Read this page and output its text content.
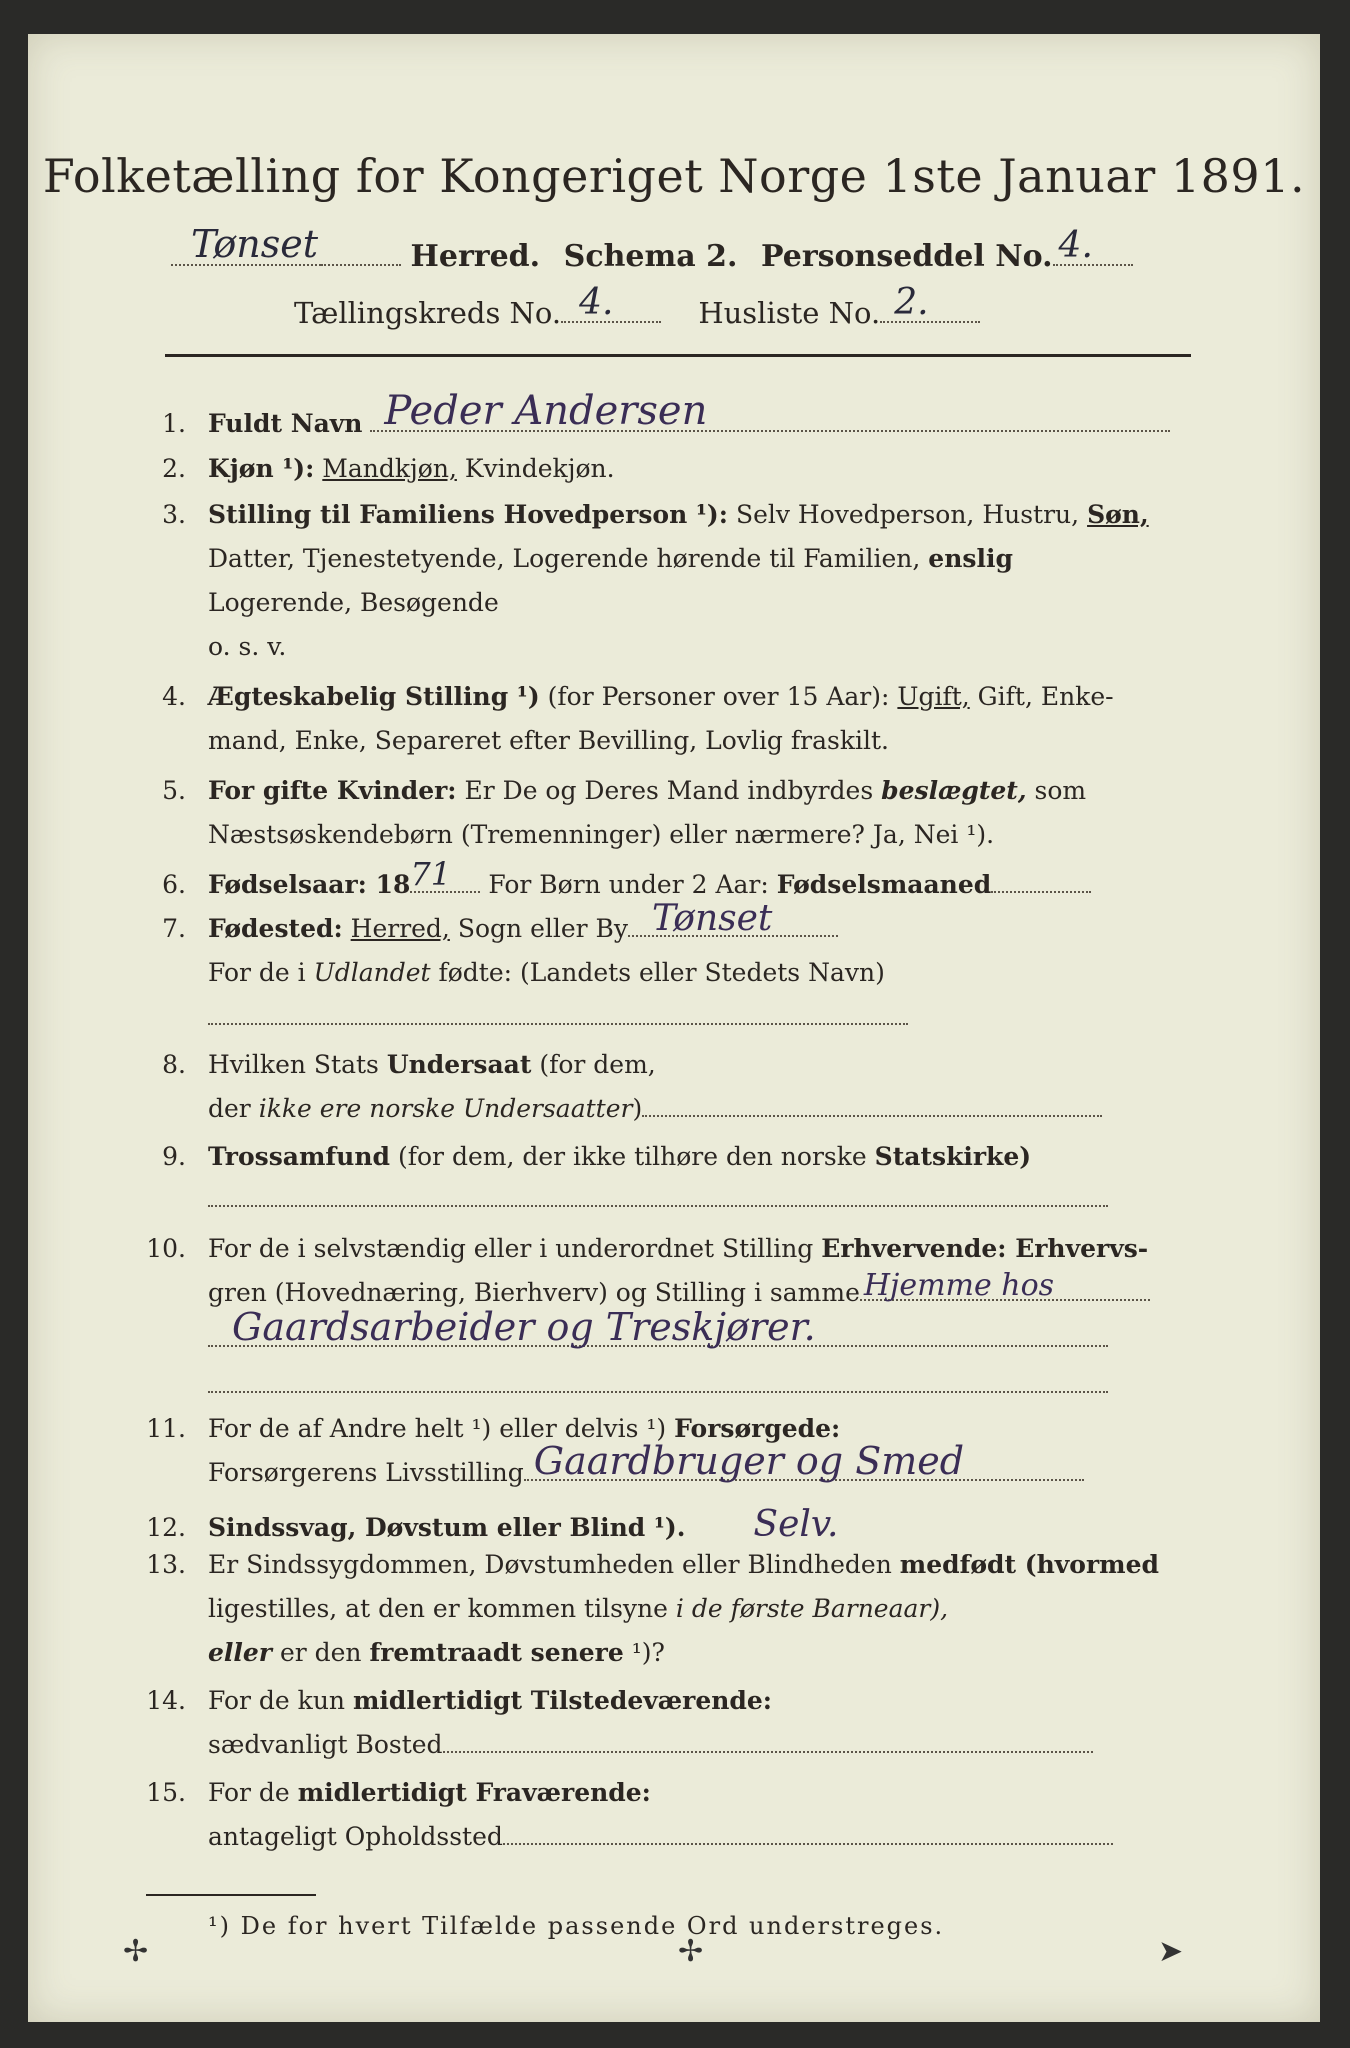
Folketælling for Kongeriget Norge 1ste Januar 1891.
Tønset	Herred. Schema 2. Personseddel No. 4.
Tællingskreds No. 4.	Husliste No. 2.
1. Fuldt Navn Peder Andersen
2. Kjøn ¹): Mandkjøn, Kvindekjøn.
3. Stilling til Familiens Hovedperson ¹): Selv Hovedperson, Hustru, Søn,
Datter, Tjenestetyende, Logerende hørende til Familien, enslig
Logerende, Besøgende
o. s. v.
4. Ægteskabelig Stilling ¹) (for Personer over 15 Aar): Ugift, Gift, Enke-
mand, Enke, Separeret efter Bevilling, Lovlig fraskilt.
5. For gifte Kvinder: Er De og Deres Mand indbyrdes beslægtet, som
Næstsøskendebørn (Tremenninger) eller nærmere? Ja, Nei ¹).
6. Fødselsaar: 18 71 For Børn under 2 Aar: Fødselsmaaned
7. Fødested: Herred, Sogn eller By Tønset
For de i Udlandet fødte: (Landets eller Stedets Navn)
8. Hvilken Stats Undersaat (for dem,
der ikke ere norske Undersaatter)
9. Trossamfund (for dem, der ikke tilhøre den norske Statskirke)
10. For de i selvstændig eller i underordnet Stilling Erhvervende: Erhvervs-
gren (Hovednæring, Bierhverv) og Stilling i samme Hjemme hos
Gaardsarbeider og Treskjører.
11. For de af Andre helt ¹) eller delvis ¹) Forsørgede:
Forsørgerens Livsstilling Gaardbruger og Smed
12. Sindssvag, Døvstum eller Blind ¹). Selv.
13. Er Sindssygdommen, Døvstumheden eller Blindheden medfødt (hvormed
ligestilles, at den er kommen tilsyne i de første Barneaar),
eller er den fremtraadt senere ¹)?
14. For de kun midlertidigt Tilstedeværende:
sædvanligt Bosted
15. For de midlertidigt Fraværende:
antageligt Opholdssted
¹) De for hvert Tilfælde passende Ord understreges.
✢	✢	➤
